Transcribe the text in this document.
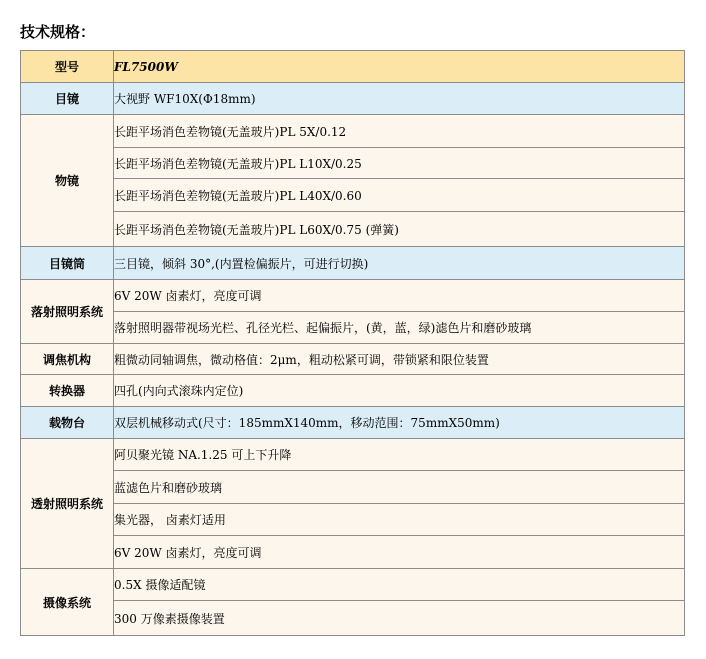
技术规格：
型号	FL7500W
目镜	大视野 WF10X(Φ18mm)
物镜	长距平场消色差物镜(无盖玻片)PL 5X/0.12
	长距平场消色差物镜(无盖玻片)PL L10X/0.25
	长距平场消色差物镜(无盖玻片)PL L40X/0.60
	长距平场消色差物镜(无盖玻片)PL L60X/0.75 (弹簧)
目镜筒	三目镜，倾斜 30°,(内置检偏振片，可进行切换)
落射照明系统	6V 20W 卤素灯，亮度可调
	落射照明器带视场光栏、孔径光栏、起偏振片，(黄，蓝，绿)滤色片和磨砂玻璃
调焦机构	粗微动同轴调焦，微动格值：2μm，粗动松紧可调，带锁紧和限位装置
转换器	四孔(内向式滚珠内定位)
载物台	双层机械移动式(尺寸：185mmX140mm，移动范围：75mmX50mm)
透射照明系统	阿贝聚光镜 NA.1.25 可上下升降
	蓝滤色片和磨砂玻璃
	集光器， 卤素灯适用
	6V 20W 卤素灯，亮度可调
摄像系统	0.5X 摄像适配镜
	300 万像素摄像装置
